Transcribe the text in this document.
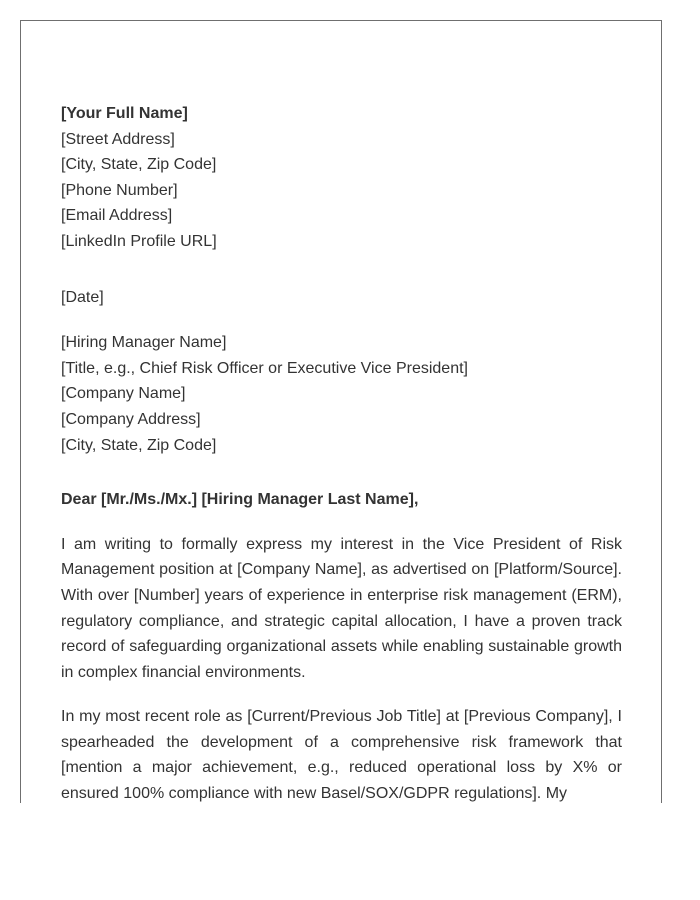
[Your Full Name]
[Street Address]
[City, State, Zip Code]
[Phone Number]
[Email Address]
[LinkedIn Profile URL]
[Date]
[Hiring Manager Name]
[Title, e.g., Chief Risk Officer or Executive Vice President]
[Company Name]
[Company Address]
[City, State, Zip Code]
Dear [Mr./Ms./Mx.] [Hiring Manager Last Name],
I am writing to formally express my interest in the Vice President of Risk Management position at [Company Name], as advertised on [Platform/Source]. With over [Number] years of experience in enterprise risk management (ERM), regulatory compliance, and strategic capital allocation, I have a proven track record of safeguarding organizational assets while enabling sustainable growth in complex financial environments.
In my most recent role as [Current/Previous Job Title] at [Previous Company], I spearheaded the development of a comprehensive risk framework that [mention a major achievement, e.g., reduced operational loss by X% or ensured 100% compliance with new Basel/SOX/GDPR regulations]. My
